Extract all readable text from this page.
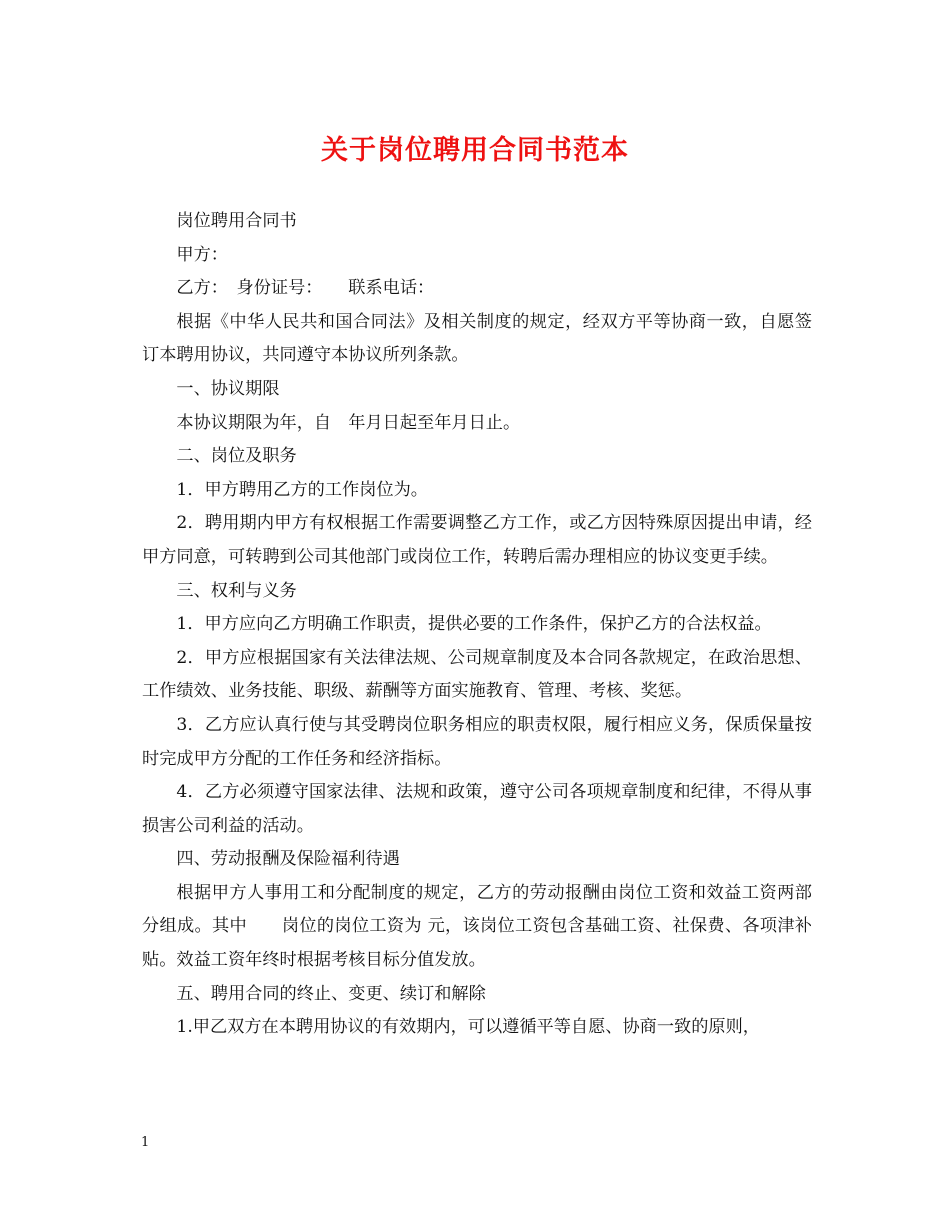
关于岗位聘用合同书范本

岗位聘用合同书

甲方：

乙方：　身份证号：　　联系电话：

根据《中华人民共和国合同法》及相关制度的规定，经双方平等协商一致，自愿签订本聘用协议，共同遵守本协议所列条款。

一、协议期限

本协议期限为年，自　年月日起至年月日止。

二、岗位及职务

1．甲方聘用乙方的工作岗位为。

2．聘用期内甲方有权根据工作需要调整乙方工作，或乙方因特殊原因提出申请，经甲方同意，可转聘到公司其他部门或岗位工作，转聘后需办理相应的协议变更手续。

三、权利与义务

1．甲方应向乙方明确工作职责，提供必要的工作条件，保护乙方的合法权益。

2．甲方应根据国家有关法律法规、公司规章制度及本合同各款规定，在政治思想、工作绩效、业务技能、职级、薪酬等方面实施教育、管理、考核、奖惩。

3．乙方应认真行使与其受聘岗位职务相应的职责权限，履行相应义务，保质保量按时完成甲方分配的工作任务和经济指标。

4．乙方必须遵守国家法律、法规和政策，遵守公司各项规章制度和纪律，不得从事损害公司利益的活动。

四、劳动报酬及保险福利待遇

根据甲方人事用工和分配制度的规定，乙方的劳动报酬由岗位工资和效益工资两部分组成。其中　　岗位的岗位工资为 元，该岗位工资包含基础工资、社保费、各项津补贴。效益工资年终时根据考核目标分值发放。

五、聘用合同的终止、变更、续订和解除

1.甲乙双方在本聘用协议的有效期内，可以遵循平等自愿、协商一致的原则，

1
